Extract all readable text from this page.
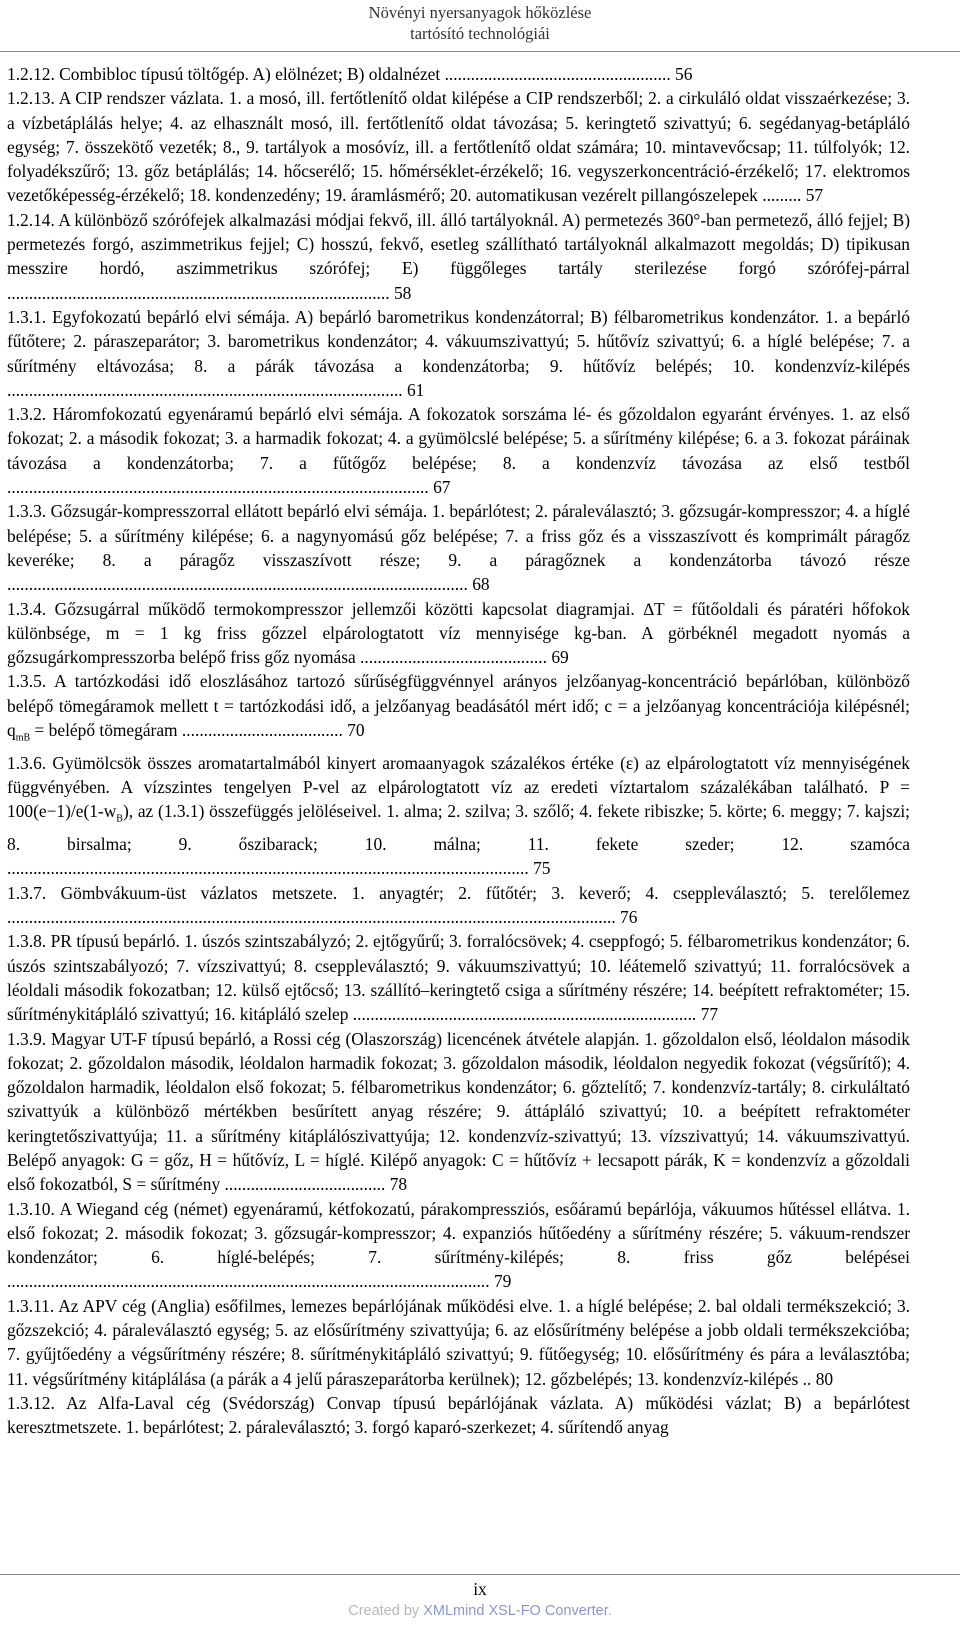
Növényi nyersanyagok hőközlése
tartósító technológiái
1.2.12. Combibloc típusú töltőgép. A) elölnézet; B) oldalnézet .................................................... 56
1.2.13. A CIP rendszer vázlata. 1. a mosó, ill. fertőtlenítő oldat kilépése a CIP rendszerből; 2. a cirkuláló oldat visszaérkezése; 3. a vízbetáplálás helye; 4. az elhasznált mosó, ill. fertőtlenítő oldat távozása; 5. keringtető szivattyú; 6. segédanyag-betápláló egység; 7. összekötő vezeték; 8., 9. tartályok a mosóvíz, ill. a fertőtlenítő oldat számára; 10. mintavevőcsap; 11. túlfolyók; 12. folyadékszűrő; 13. gőz betáplálás; 14. hőcserélő; 15. hőmérséklet-érzékelő; 16. vegyszerkoncentráció-érzékelő; 17. elektromos vezetőképesség-érzékelő; 18. kondenzedény; 19. áramlásmérő; 20. automatikusan vezérelt pillangószelepek ......... 57
1.2.14. A különböző szórófejek alkalmazási módjai fekvő, ill. álló tartályoknál. A) permetezés 360°-ban permetező, álló fejjel; B) permetezés forgó, aszimmetrikus fejjel; C) hosszú, fekvő, esetleg szállítható tartályoknál alkalmazott megoldás; D) tipikusan messzire hordó, aszimmetrikus szórófej; E) függőleges tartály sterilezése forgó szórófej-párral ........................................................................................ 58
1.3.1. Egyfokozatú bepárló elvi sémája. A) bepárló barometrikus kondenzátorral; B) félbarometrikus kondenzátor. 1. a bepárló fűtőtere; 2. páraszeparátor; 3. barometrikus kondenzátor; 4. vákuumszivattyú; 5. hűtővíz szivattyú; 6. a híglé belépése; 7. a sűrítmény eltávozása; 8. a párák távozása a kondenzátorba; 9. hűtővíz belépés; 10. kondenzvíz-kilépés ........................................................................................... 61
1.3.2. Háromfokozatú egyenáramú bepárló elvi sémája. A fokozatok sorszáma lé- és gőzoldalon egyaránt érvényes. 1. az első fokozat; 2. a második fokozat; 3. a harmadik fokozat; 4. a gyümölcslé belépése; 5. a sűrítmény kilépése; 6. a 3. fokozat páráinak távozása a kondenzátorba; 7. a fűtőgőz belépése; 8. a kondenzvíz távozása az első testből ................................................................................................. 67
1.3.3. Gőzsugár-kompresszorral ellátott bepárló elvi sémája. 1. bepárlótest; 2. páraleválasztó; 3. gőzsugár-kompresszor; 4. a híglé belépése; 5. a sűrítmény kilépése; 6. a nagynyomású gőz belépése; 7. a friss gőz és a visszaszívott és komprimált páragőz keveréke; 8. a páragőz visszaszívott része; 9. a páragőznek a kondenzátorba távozó része .......................................................................................................... 68
1.3.4. Gőzsugárral működő termokompresszor jellemzői közötti kapcsolat diagramjai. ∆T = fűtőoldali és páratéri hőfokok különbsége, m = 1 kg friss gőzzel elpárologtatott víz mennyisége kg-ban. A görbéknél megadott nyomás a gőzsugárkompresszorba belépő friss gőz nyomása ........................................... 69
1.3.5. A tartózkodási idő eloszlásához tartozó sűrűségfüggvénnyel arányos jelzőanyag-koncentráció bepárlóban, különböző belépő tömegáramok mellett t = tartózkodási idő, a jelzőanyag beadásától mért idő; c = a jelzőanyag koncentrációja kilépésnél; $q_{mB}$ = belépő tömegáram ..................................... 70
1.3.6. Gyümölcsök összes aromatartalmából kinyert aromaanyagok százalékos értéke (ε) az elpárologtatott víz mennyiségének függvényében. A vízszintes tengelyen P-vel az elpárologtatott víz az eredeti víztartalom százalékában található. $P = 100(e-1)/e(1-w_B)$, az (1.3.1) összefüggés jelöléseivel. 1. alma; 2. szilva; 3. szőlő; 4. fekete ribiszke; 5. körte; 6. meggy; 7. kajszi; 8. birsalma; 9. őszibarack; 10. málna; 11. fekete szeder; 12. szamóca ........................................................................................................................ 75
1.3.7. Gömbvákuum-üst vázlatos metszete. 1. anyagtér; 2. fűtőtér; 3. keverő; 4. cseppleválasztó; 5. terelőlemez ............................................................................................................................................ 76
1.3.8. PR típusú bepárló. 1. úszós szintszabályzó; 2. ejtőgyűrű; 3. forralócsövek; 4. cseppfogó; 5. félbarometrikus kondenzátor; 6. úszós szintszabályozó; 7. vízszivattyú; 8. cseppleválasztó; 9. vákuumszivattyú; 10. léátemelő szivattyú; 11. forralócsövek a léoldali második fokozatban; 12. külső ejtőcső; 13. szállító–keringtető csiga a sűrítmény részére; 14. beépített refraktométer; 15. sűrítménykitápláló szivattyú; 16. kitápláló szelep ............................................................................... 77
1.3.9. Magyar UT-F típusú bepárló, a Rossi cég (Olaszország) licencének átvétele alapján. 1. gőzoldalon első, léoldalon második fokozat; 2. gőzoldalon második, léoldalon harmadik fokozat; 3. gőzoldalon második, léoldalon negyedik fokozat (végsűrítő); 4. gőzoldalon harmadik, léoldalon első fokozat; 5. félbarometrikus kondenzátor; 6. gőztelítő; 7. kondenzvíz-tartály; 8. cirkuláltató szivattyúk a különböző mértékben besűrített anyag részére; 9. áttápláló szivattyú; 10. a beépített refraktométer keringtetőszivattyúja; 11. a sűrítmény kitáplálószivattyúja; 12. kondenzvíz-szivattyú; 13. vízszivattyú; 14. vákuumszivattyú. Belépő anyagok: G = gőz, H = hűtővíz, L = híglé. Kilépő anyagok: C = hűtővíz + lecsapott párák, K = kondenzvíz a gőzoldali első fokozatból, S = sűrítmény ..................................... 78
1.3.10. A Wiegand cég (német) egyenáramú, kétfokozatú, párakompressziós, esőáramú bepárlója, vákuumos hűtéssel ellátva. 1. első fokozat; 2. második fokozat; 3. gőzsugár-kompresszor; 4. expanziós hűtőedény a sűrítmény részére; 5. vákuum-rendszer kondenzátor; 6. híglé-belépés; 7. sűrítmény-kilépés; 8. friss gőz belépései ............................................................................................................... 79
1.3.11. Az APV cég (Anglia) esőfilmes, lemezes bepárlójának működési elve. 1. a híglé belépése; 2. bal oldali termékszekció; 3. gőzszekció; 4. páraleválasztó egység; 5. az elősűrítmény szivattyúja; 6. az elősűrítmény belépése a jobb oldali termékszekcióba; 7. gyűjtőedény a végsűrítmény részére; 8. sűrítménykitápláló szivattyú; 9. fűtőegység; 10. elősűrítmény és pára a leválasztóba; 11. végsűrítmény kitáplálása (a párák a 4 jelű páraszeparátorba kerülnek); 12. gőzbelépés; 13. kondenzvíz-kilépés .. 80
1.3.12. Az Alfa-Laval cég (Svédország) Convap típusú bepárlójának vázlata. A) működési vázlat; B) a bepárlótest keresztmetszete. 1. bepárlótest; 2. páraleválasztó; 3. forgó kaparó-szerkezet; 4. sűrítendő anyag
ix
Created by XMLmind XSL-FO Converter.
